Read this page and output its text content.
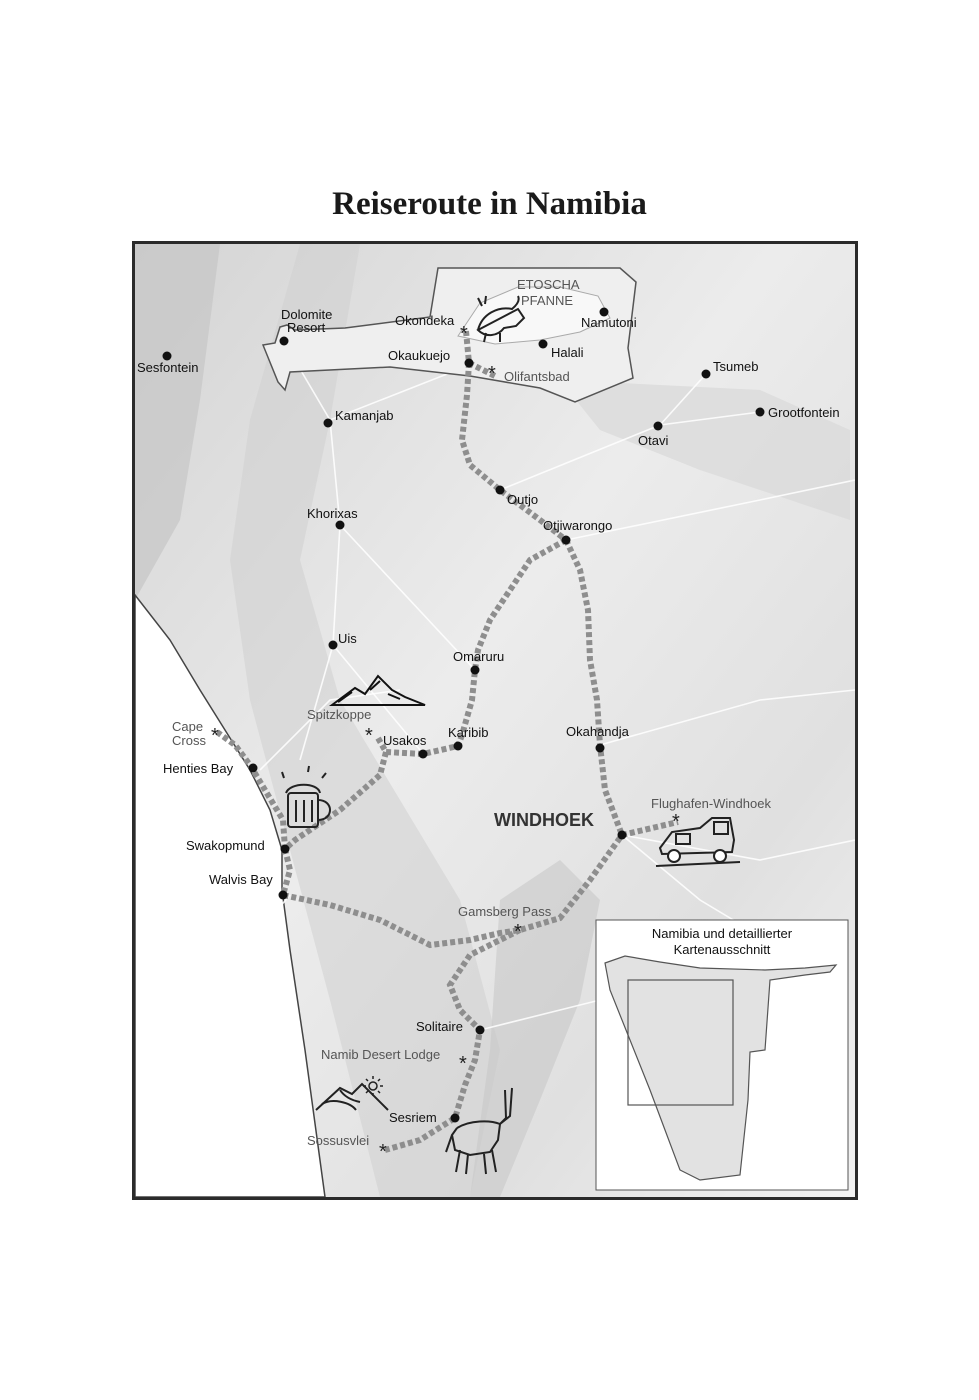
Reiseroute in Namibia
*
*
*
*
*
*
*
*
ETOSCHA
PFANNE
Dolomite
Resort	Okondeka	Namutoni
Sesfontein
Okaukuejo	Halali
Olifantsbad
Tsumeb
Kamanjab	Grootfontein
Otavi
Outjo
Khorixas
Otjiwarongo
Uis
Omaruru
Spitzkoppe
Cape
Cross	Usakos
Karibib	Okahandja
Henties Bay
Flughafen-Windhoek
WINDHOEK
Swakopmund
Walvis Bay
Gamsberg Pass
Solitaire
Namib Desert Lodge
Sesriem
Sossusvlei
Namibia und detaillierter
Kartenausschnitt
